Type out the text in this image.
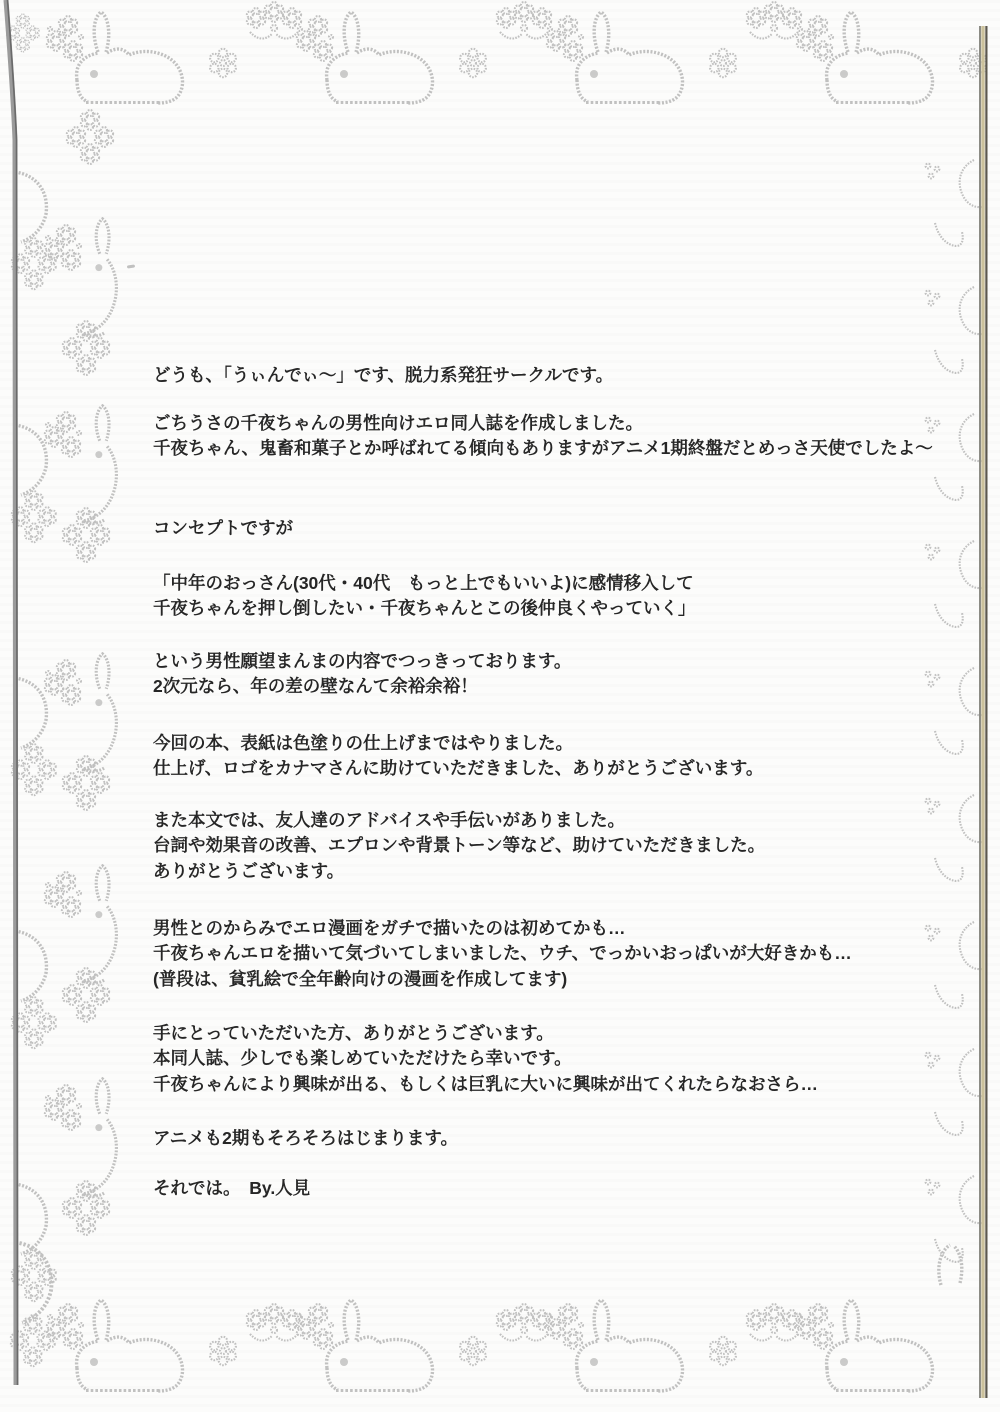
どうも、「うぃんでぃ～」です、脱力系発狂サークルです。

ごちうさの千夜ちゃんの男性向けエロ同人誌を作成しました。
千夜ちゃん、鬼畜和菓子とか呼ばれてる傾向もありますがアニメ1期終盤だとめっさ天使でしたよ～

コンセプトですが

「中年のおっさん(30代・40代　もっと上でもいいよ)に感情移入して
千夜ちゃんを押し倒したい・千夜ちゃんとこの後仲良くやっていく」

という男性願望まんまの内容でつっきっております。
2次元なら、年の差の壁なんて余裕余裕！

今回の本、表紙は色塗りの仕上げまではやりました。
仕上げ、ロゴをカナマさんに助けていただきました、ありがとうございます。

また本文では、友人達のアドバイスや手伝いがありました。
台詞や効果音の改善、エプロンや背景トーン等など、助けていただきました。
ありがとうございます。

男性とのからみでエロ漫画をガチで描いたのは初めてかも…
千夜ちゃんエロを描いて気づいてしまいました、ウチ、でっかいおっぱいが大好きかも…
(普段は、貧乳絵で全年齢向けの漫画を作成してます)

手にとっていただいた方、ありがとうございます。
本同人誌、少しでも楽しめていただけたら幸いです。
千夜ちゃんにより興味が出る、もしくは巨乳に大いに興味が出てくれたらなおさら…

アニメも2期もそろそろはじまります。

それでは。　By.人見
